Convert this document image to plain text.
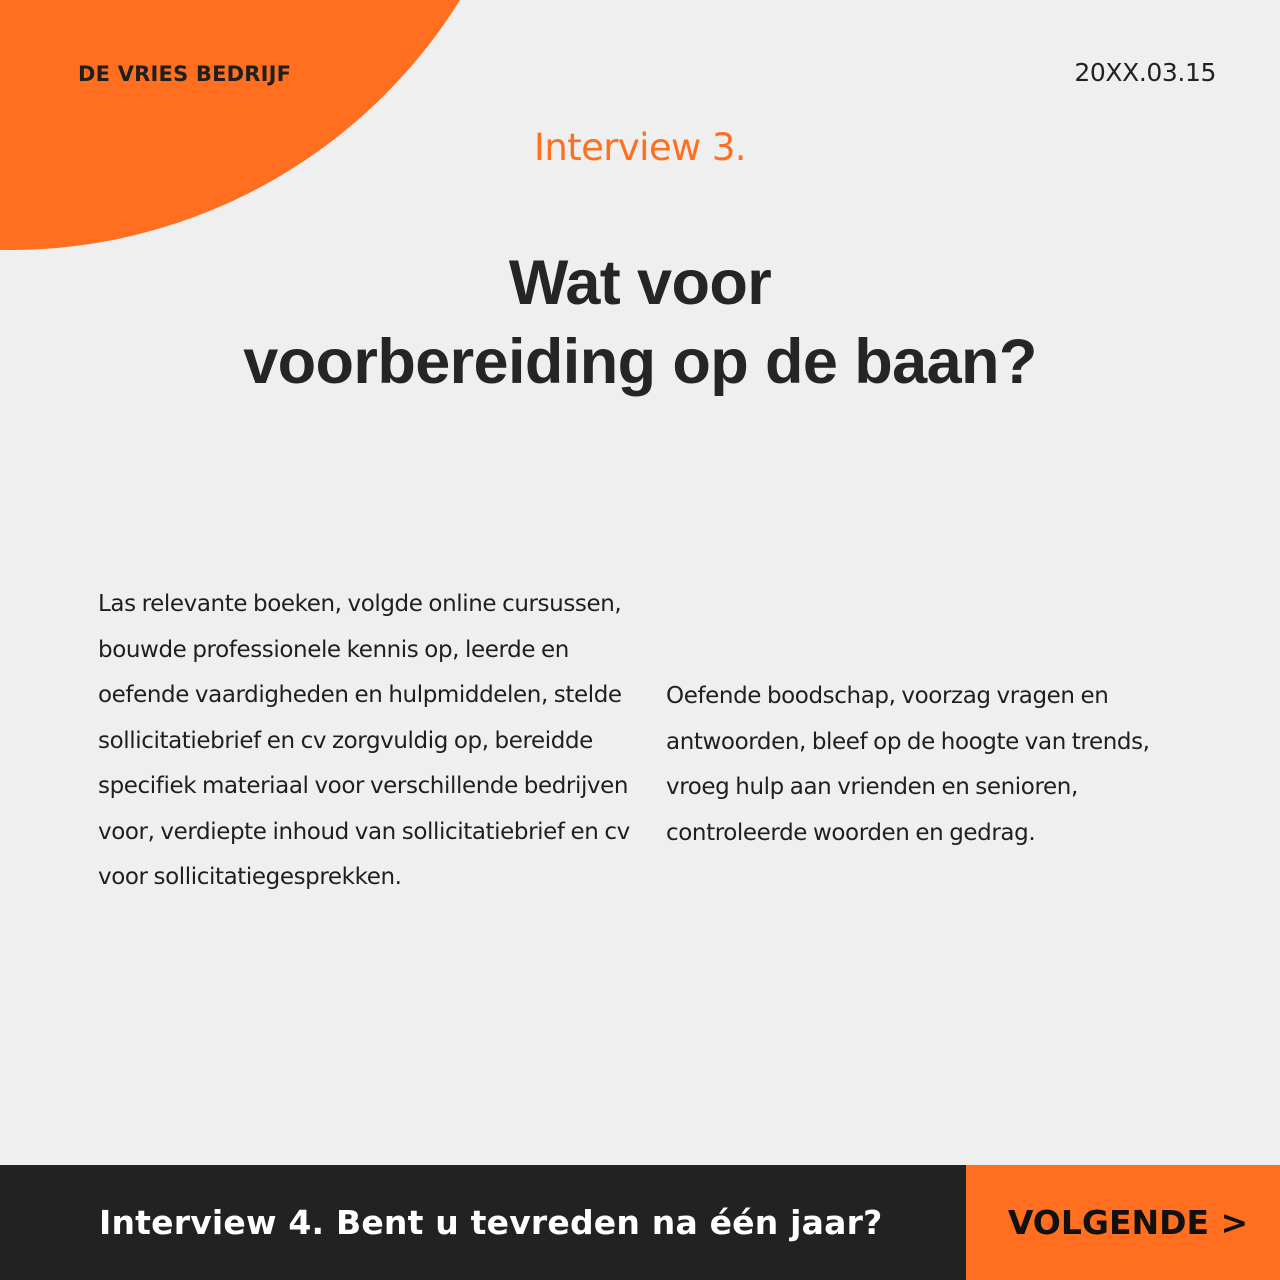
DE VRIES BEDRIJF	20XX.03.15
Interview 3.
Wat voor
voorbereiding op de baan?

Las relevante boeken, volgde online cursussen, bouwde professionele kennis op, leerde en oefende vaardigheden en hulpmiddelen, stelde sollicitatiebrief en cv zorgvuldig op, bereidde specifiek materiaal voor verschillende bedrijven voor, verdiepte inhoud van sollicitatiebrief en cv voor sollicitatiegesprekken.

Oefende boodschap, voorzag vragen en antwoorden, bleef op de hoogte van trends, vroeg hulp aan vrienden en senioren, controleerde woorden en gedrag.

Interview 4. Bent u tevreden na één jaar?	VOLGENDE >
